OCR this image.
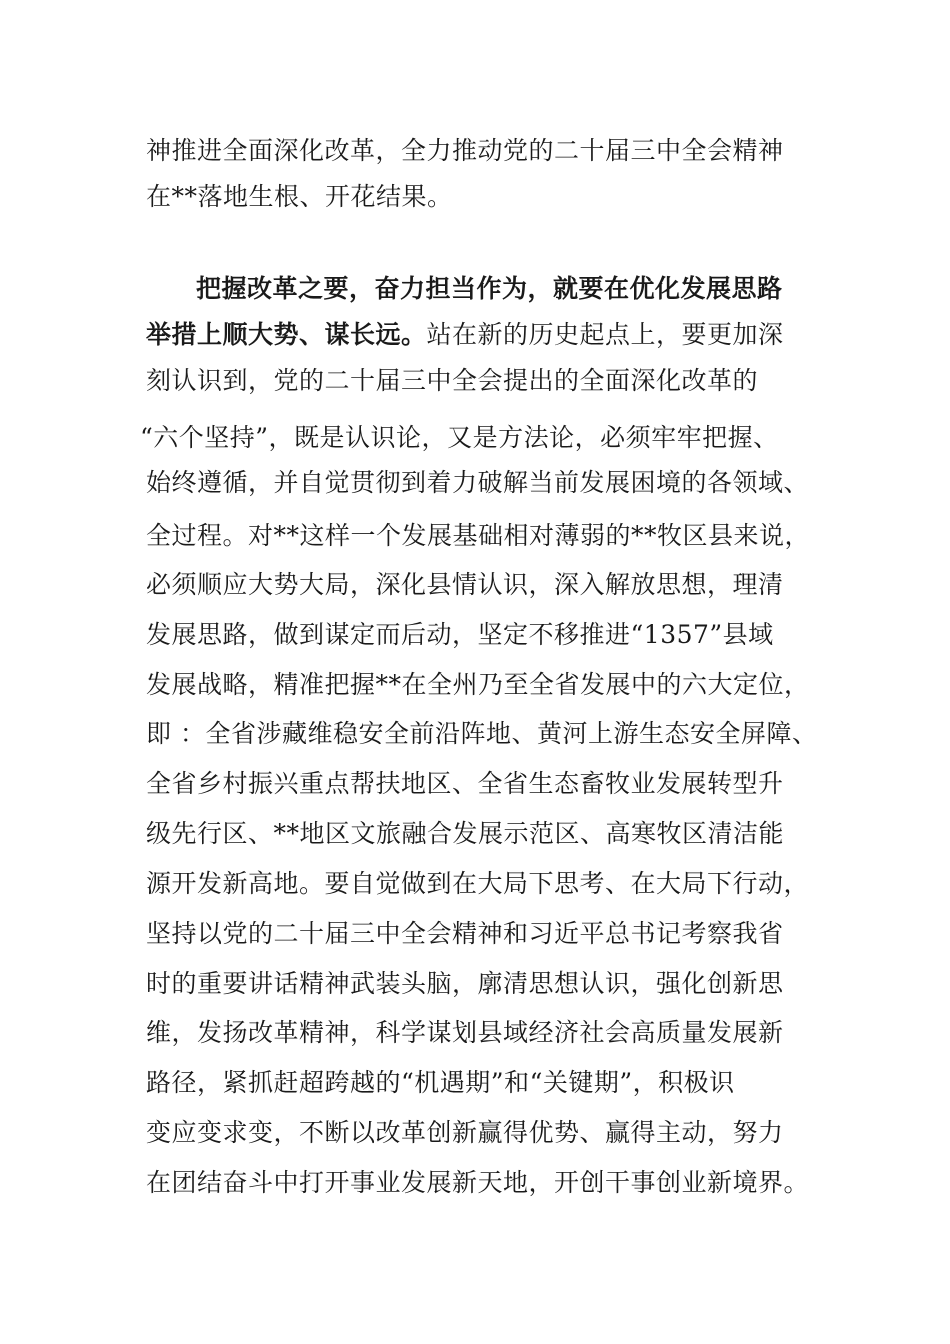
神推进全面深化改革，全力推动党的二十届三中全会精神
在**落地生根、开花结果。
把握改革之要，奋力担当作为，就要在优化发展思路
举措上顺大势、谋长远。站在新的历史起点上，要更加深
刻认识到，党的二十届三中全会提出的全面深化改革的
“六个坚持”，既是认识论，又是方法论，必须牢牢把握、
始终遵循，并自觉贯彻到着力破解当前发展困境的各领域、
全过程。对**这样一个发展基础相对薄弱的**牧区县来说，
必须顺应大势大局，深化县情认识，深入解放思想，理清
发展思路，做到谋定而后动，坚定不移推进“1357”县域
发展战略，精准把握**在全州乃至全省发展中的六大定位，
即 ：全省涉藏维稳安全前沿阵地、黄河上游生态安全屏障、
全省乡村振兴重点帮扶地区、全省生态畜牧业发展转型升
级先行区、**地区文旅融合发展示范区、高寒牧区清洁能
源开发新高地。要自觉做到在大局下思考、在大局下行动，
坚持以党的二十届三中全会精神和习近平总书记考察我省
时的重要讲话精神武装头脑，廓清思想认识，强化创新思
维，发扬改革精神，科学谋划县域经济社会高质量发展新
路径，紧抓赶超跨越的“机遇期”和“关键期”，积极识
变应变求变，不断以改革创新赢得优势、赢得主动，努力
在团结奋斗中打开事业发展新天地，开创干事创业新境界。
